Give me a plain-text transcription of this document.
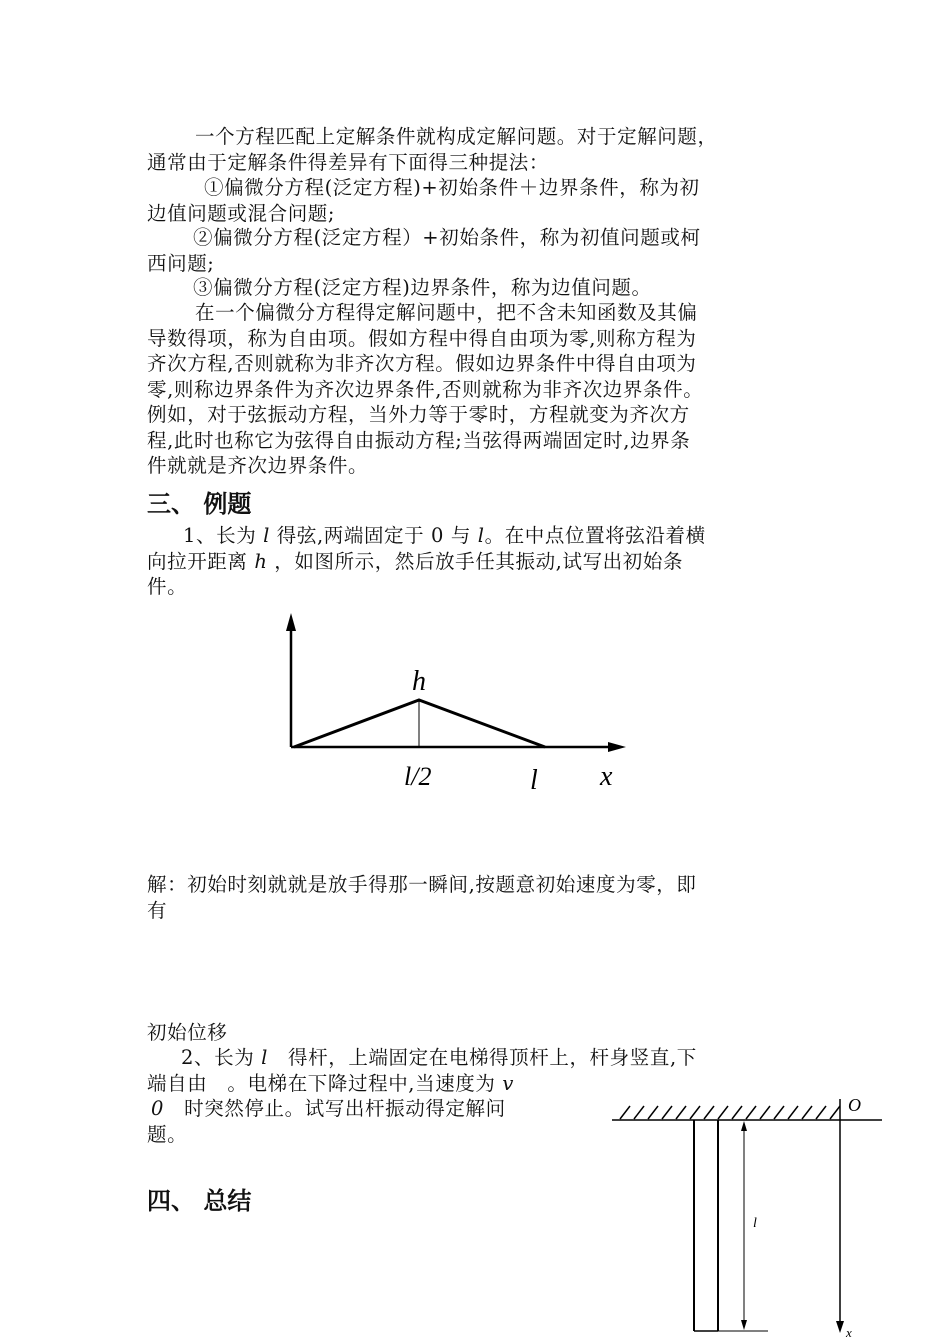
一个方程匹配上定解条件就构成定解问题。对于定解问题，
通常由于定解条件得差异有下面得三种提法：

①偏微分方程(泛定方程)+初始条件＋边界条件，称为初
边值问题或混合问题;

②偏微分方程(泛定方程）+初始条件，称为初值问题或柯
西问题;

③偏微分方程(泛定方程)边界条件，称为边值问题。

在一个偏微分方程得定解问题中，把不含未知函数及其偏
导数得项，称为自由项。假如方程中得自由项为零,则称方程为
齐次方程,否则就称为非齐次方程。假如边界条件中得自由项为
零,则称边界条件为齐次边界条件,否则就称为非齐次边界条件。
例如，对于弦振动方程，当外力等于零时，方程就变为齐次方
程,此时也称它为弦得自由振动方程;当弦得两端固定时,边界条
件就就是齐次边界条件。

三、 例题

1、长为 l 得弦,两端固定于 0 与 l。在中点位置将弦沿着横
向拉开距离 h ，如图所示，然后放手任其振动,试写出初始条
件。

h
l/2	l x

解：初始时刻就就是放手得那一瞬间,按题意初始速度为零，即
有

初始位移

2、长为 l　得杆，上端固定在电梯得顶杆上，杆身竖直,下
端自由　。电梯在下降过程中,当速度为 v
0　时突然停止。试写出杆振动得定解问
题。

四、 总结
O
l
x
